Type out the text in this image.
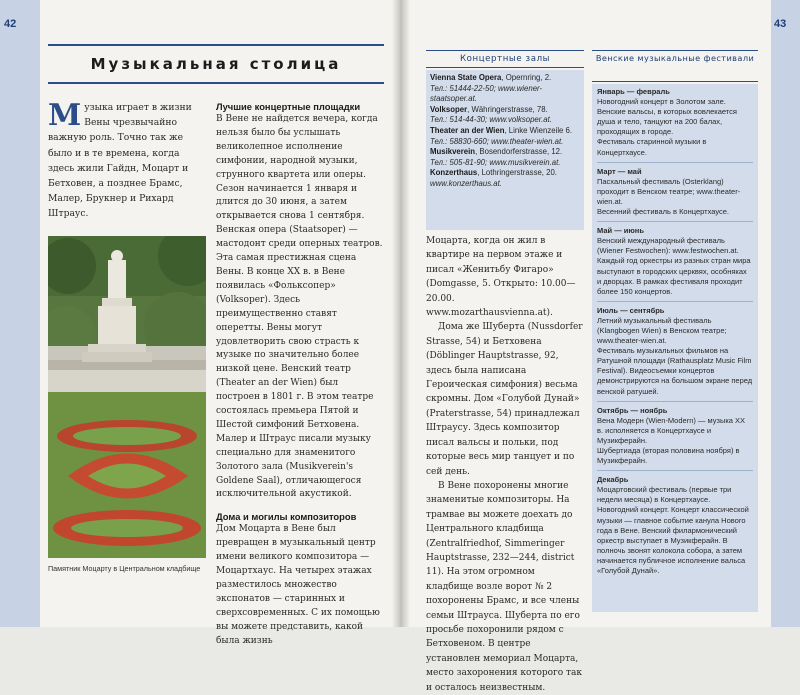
42	43
Музыкальная столица
Музыка играет в жизни Вены чрезвычайно важную роль. Точно так же было и в те времена, когда здесь жили Гайдн, Моцарт и Бетховен, а позднее Брамс, Малер, Брукнер и Рихард Штраус.
Памятник Моцарту в Центральном кладбище
Лучшие концертные площадки

В Вене не найдется вечера, когда нельзя было бы услышать великолепное исполнение симфонии, народной музыки, струнного квартета или оперы. Сезон начинается 1 января и длится до 30 июня, а затем открывается снова 1 сентября. Венская опера (Staatsoper) — мастодонт среди оперных театров. Эта самая престижная сцена Вены. В конце XX в. в Вене появилась «Фольксопер» (Volksoper). Здесь преимущественно ставят оперетты. Вены могут удовлетворить свою страсть к музыке по значительно более низкой цене. Венский театр (Theater an der Wien) был построен в 1801 г. В этом театре состоялась премьера Пятой и Шестой симфоний Бетховена. Малер и Штраус писали музыку специально для знаменитого Золотого зала (Musikverein's Goldene Saal), отличающегося исключительной акустикой.

Дома и могилы композиторов

Дом Моцарта в Вене был превращен в музыкальный центр имени великого композитора — Моцартхаус. На четырех этажах разместилось множество экспонатов — старинных и сверхсовременных. С их помощью вы можете представить, какой была жизнь

Концертные залы
Vienna State Opera, Opernring, 2.
Тел.: 51444-22-50; www.wiener-staatsoper.at.
Volksoper, Währingerstrasse, 78.
Тел.: 514-44-30; www.volksoper.at.
Theater an der Wien, Linke Wienzeile 6.
Тел.: 58830-660; www.theater-wien.at.
Musikverein, Bosendorferstrasse, 12.
Тел.: 505-81-90; www.musikverein.at.
Konzerthaus, Lothringerstrasse, 20.
www.konzerthaus.at.

Моцарта, когда он жил в квартире на первом этаже и писал «Женитьбу Фигаро» (Domgasse, 5. Открыто: 10.00—20.00. www.mozarthausvienna.at).

Дома же Шуберта (Nussdorfer Strasse, 54) и Бетховена (Döblinger Hauptstrasse, 92, здесь была написана Героическая симфония) весьма скромны. Дом «Голубой Дунай» (Praterstrasse, 54) принадлежал Штраусу. Здесь композитор писал вальсы и польки, под которые весь мир танцует и по сей день.

В Вене похоронены многие знаменитые композиторы. На трамвае вы можете доехать до Центрального кладбища (Zentralfriedhof, Simmeringer Hauptstrasse, 232—244, district 11). На этом огромном кладбище возле ворот № 2 похоронены Брамс, и все члены семьи Штрауса. Шуберта по его просьбе похоронили рядом с Бетховеном. В центре установлен мемориал Моцарта, место захоронения которого так и осталось неизвестным.

Венские музыкальные фестивали
Январь — февраль

Новогодний концерт в Золотом зале.

Венские вальсы, в которых вовлекается душа и тело, танцуют на 200 балах, проходящих в городе.

Фестиваль старинной музыки в Концертхаусе.

Март — май

Пасхальный фестиваль (Osterklang) проходит в Венском театре; www.theater-wien.at.

Весенний фестиваль в Концертхаусе.

Май — июнь

Венский международный фестиваль (Wiener Festwochen): www.festwochen.at.

Каждый год оркестры из разных стран мира выступают в городских церквях, особняках и дворцах. В рамках фестиваля проходит более 150 концертов.

Июль — сентябрь

Летний музыкальный фестиваль (Klangbogen Wien) в Венском театре; www.theater-wien.at.

Фестиваль музыкальных фильмов на Ратушной площади (Rathausplatz Music Film Festival). Видеосъемки концертов демонстрируются на большом экране перед венской ратушей.

Октябрь — ноябрь

Вена Модерн (Wien-Modern) — музыка XX в. исполняется в Концертхаусе и Музикферайн.

Шубертиада (вторая половина ноября) в Музикферайн.

Декабрь

Моцартовский фестиваль (первые три недели месяца) в Концертхаусе.

Новогодний концерт. Концерт классической музыки — главное событие канула Нового года в Вене. Венский филармонический оркестр выступает в Музикферайн. В полночь звонят колокола собора, а затем начинается публичное исполнение вальса «Голубой Дунай».
